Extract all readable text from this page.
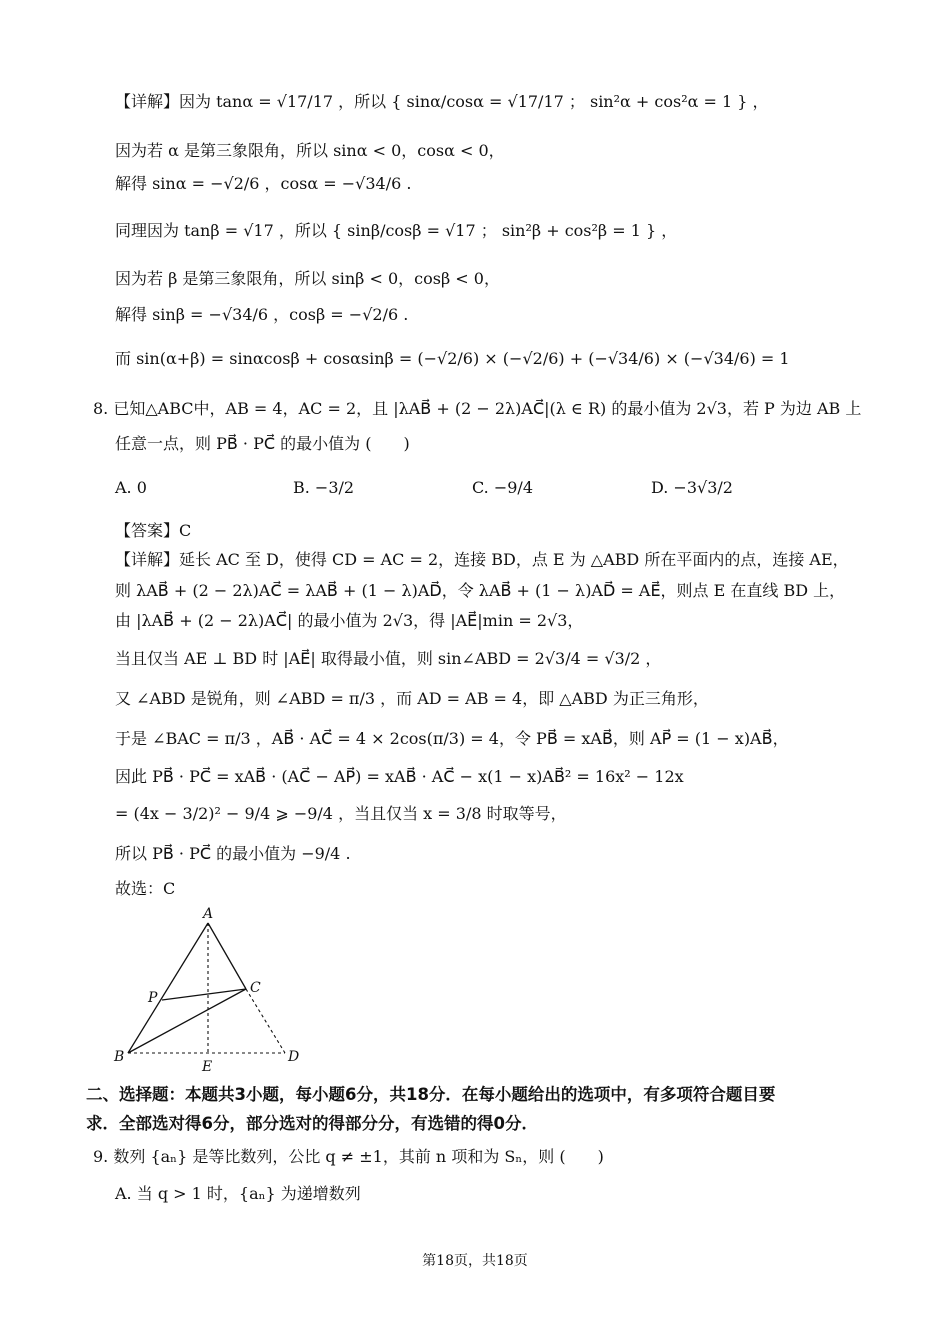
【详解】因为 tanα = √17/17 ，所以 { sinα/cosα = √17/17 ； sin²α + cos²α = 1 } ，
因为若 α 是第三象限角，所以 sinα < 0，cosα < 0，
解得 sinα = −√2/6 ，cosα = −√34/6 .
同理因为 tanβ = √17 ，所以 { sinβ/cosβ = √17 ； sin²β + cos²β = 1 } ，
因为若 β 是第三象限角，所以 sinβ < 0，cosβ < 0，
解得 sinβ = −√34/6 ，cosβ = −√2/6 .
而 sin(α+β) = sinαcosβ + cosαsinβ = (−√2/6) × (−√2/6) + (−√34/6) × (−√34/6) = 1
8. 已知△ABC中，AB = 4，AC = 2，且 |λAB⃗ + (2 − 2λ)AC⃗|(λ ∈ R) 的最小值为 2√3，若 P 为边 AB 上
任意一点，则 PB⃗ · PC⃗ 的最小值为 (　　)
A. 0	B. −3/2	C. −9/4	D. −3√3/2
【答案】C
【详解】延长 AC 至 D，使得 CD = AC = 2，连接 BD，点 E 为 △ABD 所在平面内的点，连接 AE，
则 λAB⃗ + (2 − 2λ)AC⃗ = λAB⃗ + (1 − λ)AD⃗，令 λAB⃗ + (1 − λ)AD⃗ = AE⃗，则点 E 在直线 BD 上，
由 |λAB⃗ + (2 − 2λ)AC⃗| 的最小值为 2√3，得 |AE⃗|min = 2√3，
当且仅当 AE ⊥ BD 时 |AE⃗| 取得最小值，则 sin∠ABD = 2√3/4 = √3/2 ，
又 ∠ABD 是锐角，则 ∠ABD = π/3 ，而 AD = AB = 4，即 △ABD 为正三角形，
于是 ∠BAC = π/3 ，AB⃗ · AC⃗ = 4 × 2cos(π/3) = 4，令 PB⃗ = xAB⃗，则 AP⃗ = (1 − x)AB⃗，
因此 PB⃗ · PC⃗ = xAB⃗ · (AC⃗ − AP⃗) = xAB⃗ · AC⃗ − x(1 − x)AB⃗² = 16x² − 12x
= (4x − 3/2)² − 9/4 ⩾ −9/4 ，当且仅当 x = 3/8 时取等号，
所以 PB⃗ · PC⃗ 的最小值为 −9/4 .
故选：C
A
B
C
D
E
P
二、选择题：本题共3小题，每小题6分，共18分．在每小题给出的选项中，有多项符合题目要
求．全部选对得6分，部分选对的得部分分，有选错的得0分．
9. 数列 {aₙ} 是等比数列，公比 q ≠ ±1，其前 n 项和为 Sₙ，则 (　　)
A. 当 q > 1 时，{aₙ} 为递增数列
第18页，共18页
